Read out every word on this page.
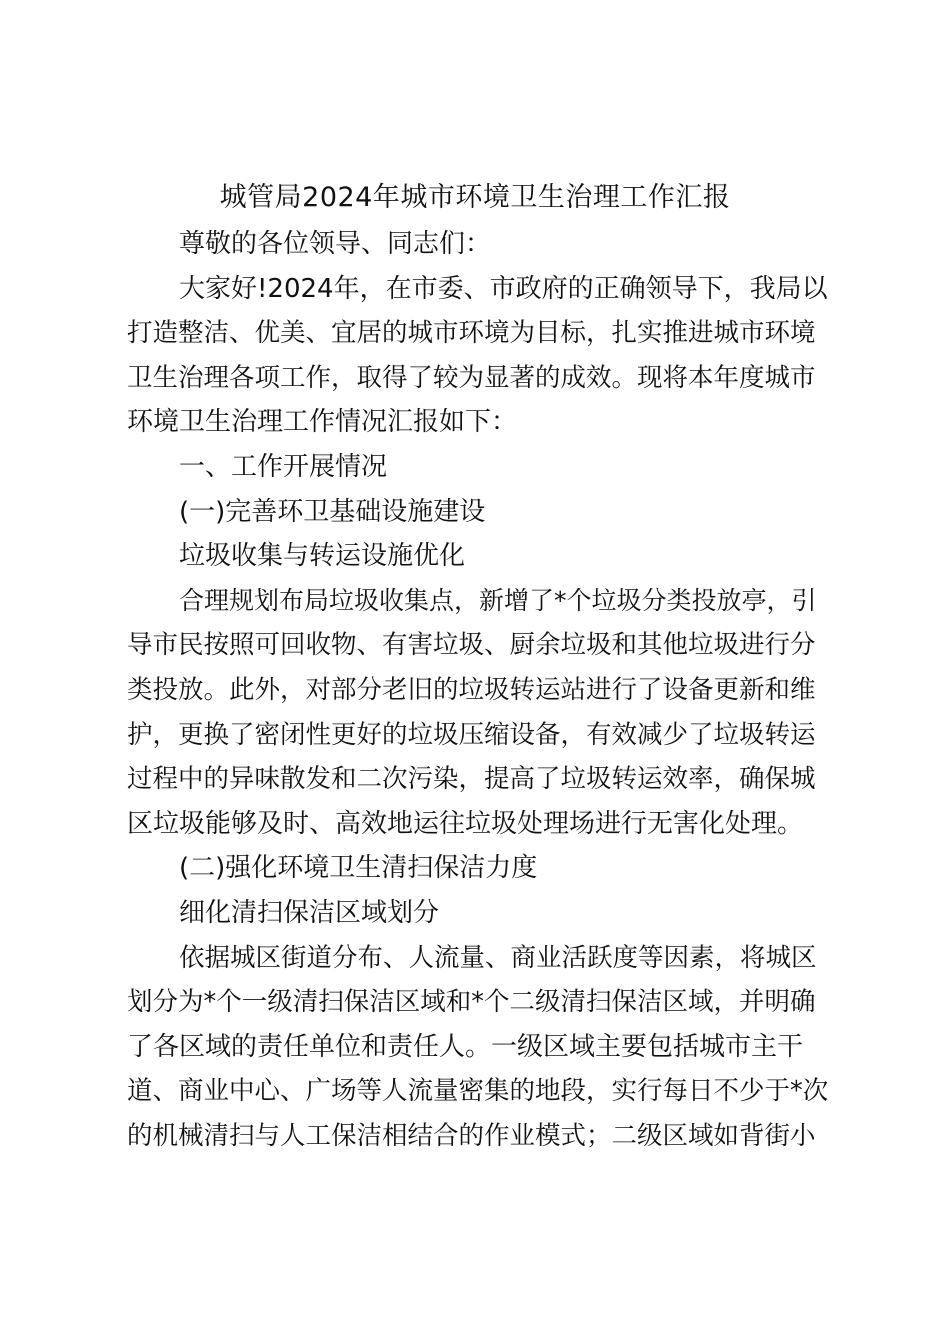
城管局2024年城市环境卫生治理工作汇报
尊敬的各位领导、同志们：
大家好!2024年，在市委、市政府的正确领导下，我局以
打造整洁、优美、宜居的城市环境为目标，扎实推进城市环境
卫生治理各项工作，取得了较为显著的成效。现将本年度城市
环境卫生治理工作情况汇报如下：
一、工作开展情况
(一)完善环卫基础设施建设
垃圾收集与转运设施优化
合理规划布局垃圾收集点，新增了*个垃圾分类投放亭，引
导市民按照可回收物、有害垃圾、厨余垃圾和其他垃圾进行分
类投放。此外，对部分老旧的垃圾转运站进行了设备更新和维
护，更换了密闭性更好的垃圾压缩设备，有效减少了垃圾转运
过程中的异味散发和二次污染，提高了垃圾转运效率，确保城
区垃圾能够及时、高效地运往垃圾处理场进行无害化处理。
(二)强化环境卫生清扫保洁力度
细化清扫保洁区域划分
依据城区街道分布、人流量、商业活跃度等因素，将城区
划分为*个一级清扫保洁区域和*个二级清扫保洁区域，并明确
了各区域的责任单位和责任人。一级区域主要包括城市主干
道、商业中心、广场等人流量密集的地段，实行每日不少于*次
的机械清扫与人工保洁相结合的作业模式；二级区域如背街小
